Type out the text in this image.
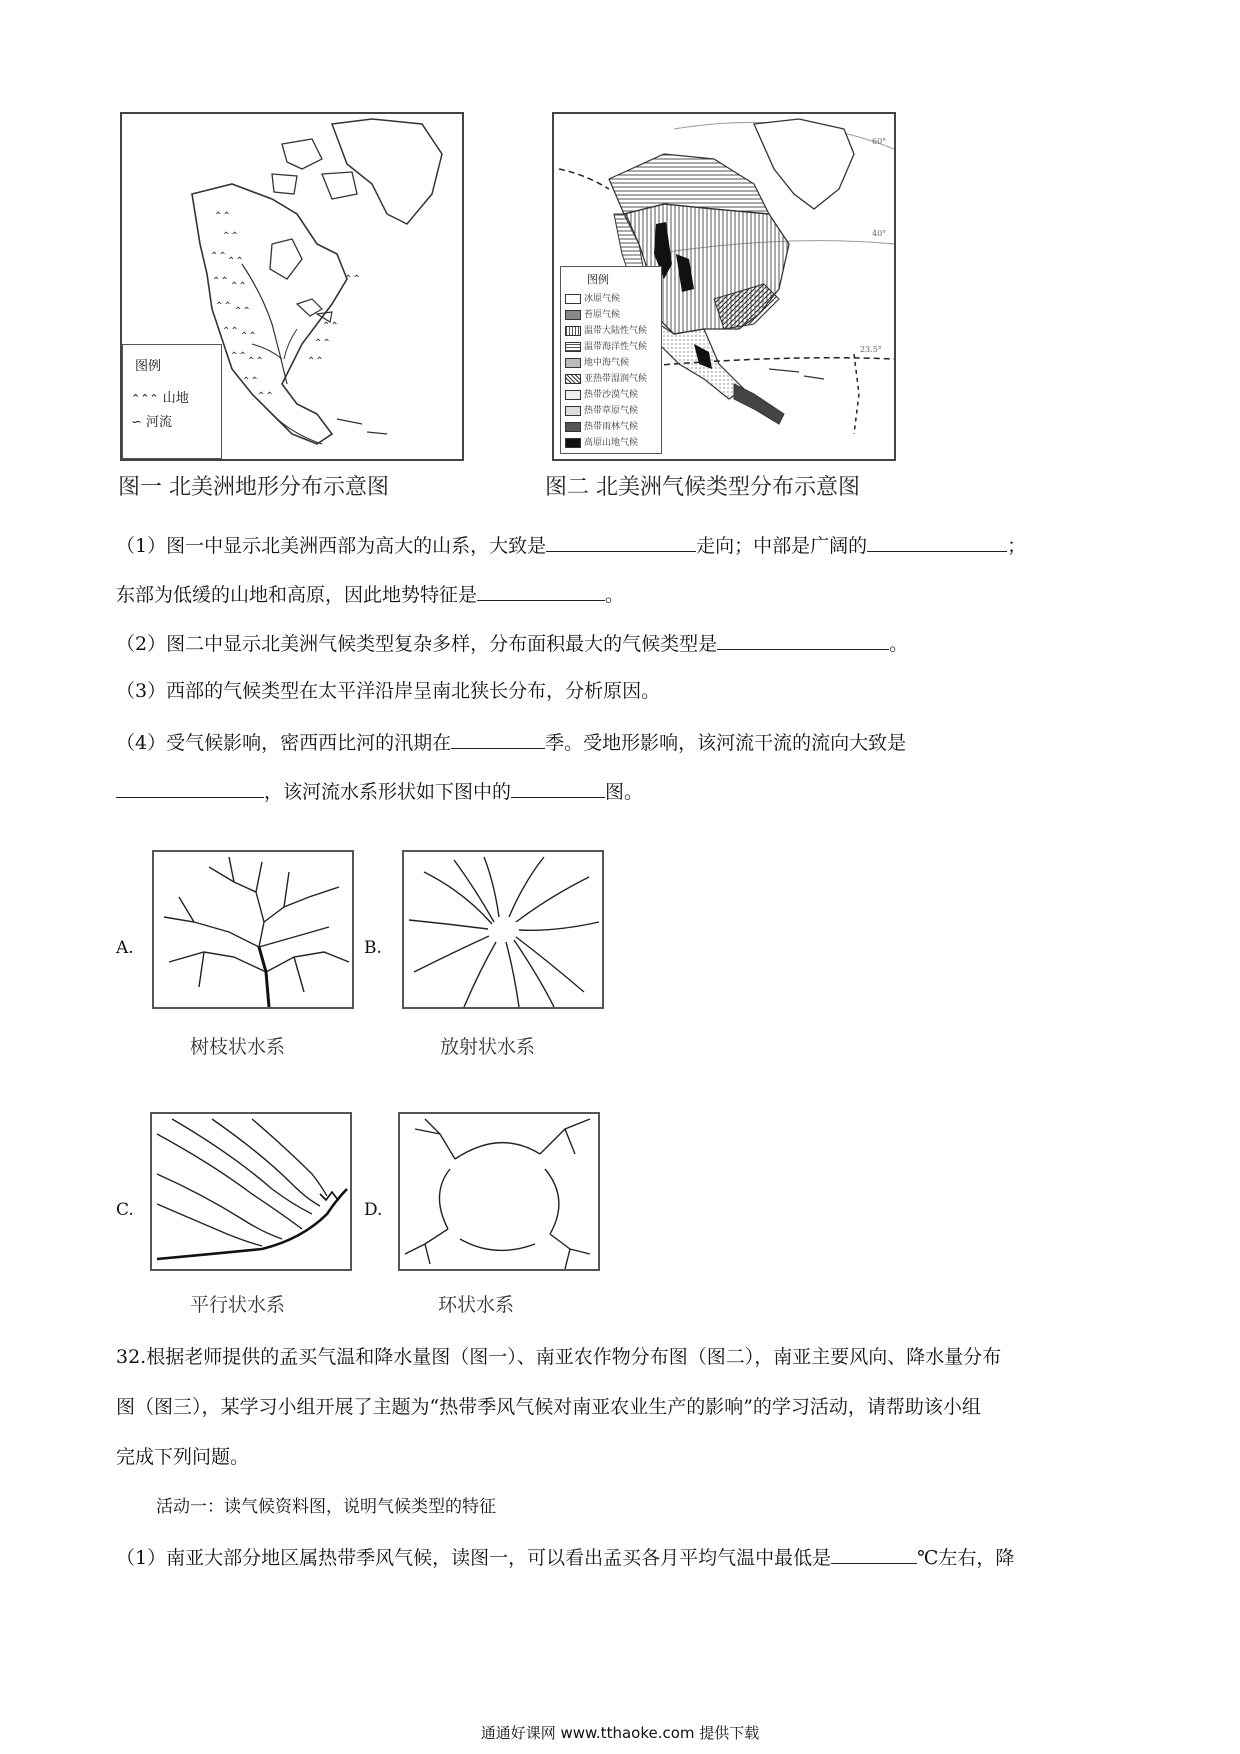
⌃⌃
⌃⌃
⌃⌃ ⌃⌃
⌃⌃ ⌃⌃
⌃⌃ ⌃⌃
⌃⌃ ⌃⌃
⌃⌃ ⌃⌃
⌃⌃
⌃⌃
⌃⌃
⌃⌃
⌃⌃
⌃⌃
图例
⌃⌃⌃ 山地
∽ 河流
图一 北美洲地形分布示意图
60°
40°
23.5°
图例
冰原气候
苔原气候
温带大陆性气候
温带海洋性气候
地中海气候
亚热带湿润气候
热带沙漠气候
热带草原气候
热带雨林气候
高原山地气候
图二 北美洲气候类型分布示意图
（1）图一中显示北美洲西部为高大的山系，大致是	走向；中部是广阔的	；
东部为低缓的山地和高原，因此地势特征是	。
（2）图二中显示北美洲气候类型复杂多样，分布面积最大的气候类型是	。
（3）西部的气候类型在太平洋沿岸呈南北狭长分布，分析原因。
（4）受气候影响，密西西比河的汛期在	季。受地形影响，该河流干流的流向大致是
，该河流水系形状如下图中的	图。
A.
树枝状水系
B.
放射状水系
C.
平行状水系
D.
环状水系
32.根据老师提供的孟买气温和降水量图（图一）、南亚农作物分布图（图二），南亚主要风向、降水量分布
图（图三），某学习小组开展了主题为“热带季风气候对南亚农业生产的影响”的学习活动，请帮助该小组
完成下列问题。
活动一：读气候资料图，说明气候类型的特征
（1）南亚大部分地区属热带季风气候，读图一，可以看出孟买各月平均气温中最低是	℃左右，降
通通好课网 www.tthaoke.com 提供下载
